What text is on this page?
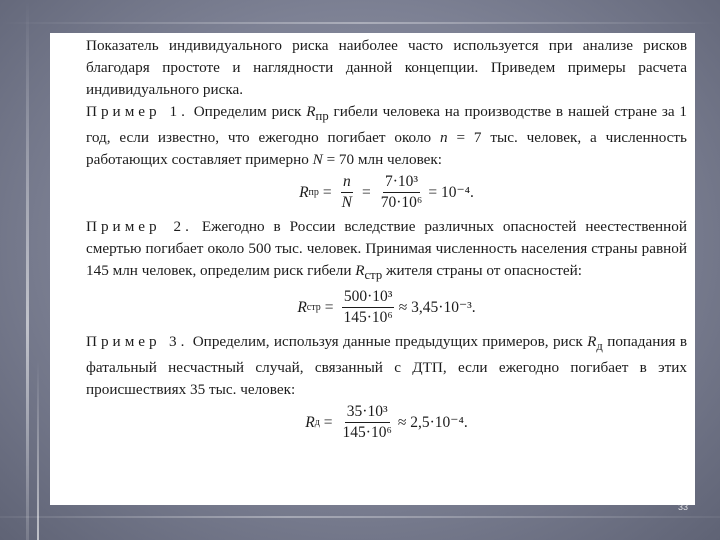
Показатель индивидуального риска наиболее часто используется при анализе рисков благодаря простоте и наглядности данной концепции. Приведем примеры расчета индивидуального риска.

Пример 1. Определим риск $R_{пр}$ гибели человека на производстве в нашей стране за 1 год, если известно, что ежегодно погибает около n = 7 тыс. человек, а численность работающих составляет примерно N = 70 млн человек:

R пр = $\frac{n}{N} = \frac{\text{7·10³}}{\text{70·10⁶}} = 10^{-4}$.

Пример 2. Ежегодно в России вследствие различных опасностей неестественной смертью погибает около 500 тыс. человек. Принимая численность населения страны равной 145 млн человек, определим риск гибели $R_{стр}$ жителя страны от опасностей:

R стр = $\frac{\text{500·10³}}{\text{145·10⁶}} \approx 3,45\cdot 10^{-3}$.

Пример 3. Определим, используя данные предыдущих примеров, риск $R_д$ попадания в фатальный несчастный случай, связанный с ДТП, если ежегодно погибает в этих происшествиях 35 тыс. человек:

R $д = \frac{\text{35·10³}}{\text{145·10⁶}} \approx 2,5\cdot 10^{-4}$.
33
